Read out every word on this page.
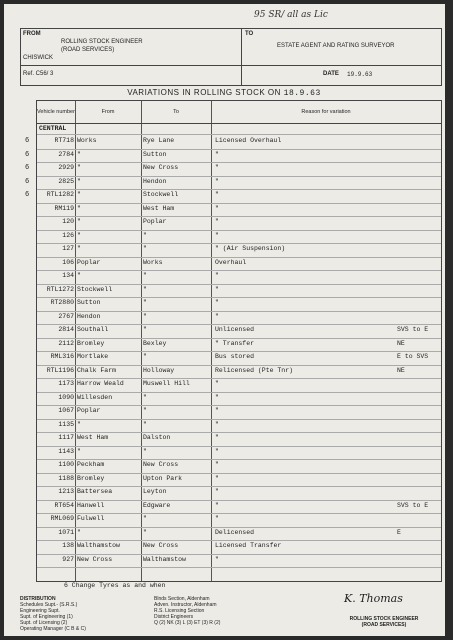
95 SR/ all as Lic
FROM
ROLLING STOCK ENGINEER
(ROAD SERVICES)
CHISWICK
Ref. C56/ 3
TO
ESTATE AGENT AND RATING SURVEYOR
DATE 19.9.63
VARIATIONS IN ROLLING STOCK ON 18.9.63
Vehicle number	From	To	Reason for variation
CENTRAL
6	RT718 Works	Rye Lane	Licensed Overhaul
6	2784 "	Sutton	"
6	2929 "	New Cross	"
6	2825 "	Hendon	"
6	RTL1282 "	Stockwell	"
RM119 "	West Ham	"
120 "	Poplar	"
126 "	"	"
127 "	"	" (Air Suspension)
106 Poplar	Works	Overhaul
134 "	"	"
RTL1272 Stockwell	"	"
RT2880 Sutton	"	"
2767 Hendon	"	"
2814 Southall	"	Unlicensed	SVS to E
2112 Bromley	Bexley	" Transfer	NE
RML316 Mortlake	"	Bus stored	E to SVS
RTL1196 Chalk Farm	Holloway	Relicensed (Pte Tnr)	NE
1173 Harrow Weald	Muswell Hill	"
1090 Willesden	"	"
1067 Poplar	"	"
1135 "	"	"
1117 West Ham	Dalston	"
1143 "	"	"
1100 Peckham	New Cross	"
1188 Bromley	Upton Park	"
1213 Battersea	Leyton	"
RT654 Hanwell	Edgware	"	SVS to E
RML069 Fulwell	"	"
1071 "	"	Delicensed	E
138 Walthamstow	New Cross	Licensed Transfer
927 New Cross	Walthamstow	"
6 Change Tyres as and when
DISTRIBUTION
Schedules Supt.- (S.R.S.)
Engineering Supt.
Supt. of Engineering (1)
Supt. of Licensing (2)
Operating Manager (C B & C)
Blnds Section, Aldenham
Adven. Instructor, Aldenham
R.S. Licensing Section
District Engineers
Q (2) NK (3) L (3) ET (3) R (2)
K. Thomas
ROLLING STOCK ENGINEER
(ROAD SERVICES)
